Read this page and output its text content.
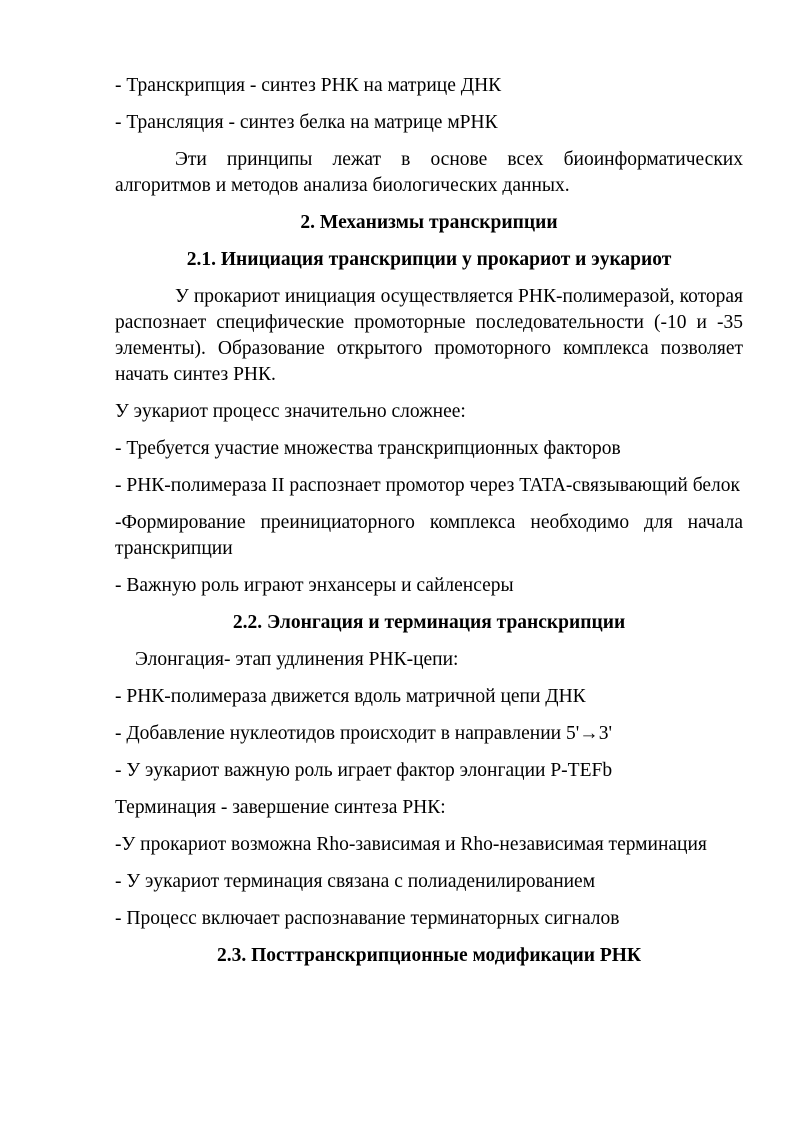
- Транскрипция - синтез РНК на матрице ДНК

- Трансляция - синтез белка на матрице мРНК

Эти принципы лежат в основе всех биоинформатических алгоритмов и методов анализа биологических данных.

2. Механизмы транскрипции

2.1. Инициация транскрипции у прокариот и эукариот

У прокариот инициация осуществляется РНК-полимеразой, которая распознает специфические промоторные последовательности (-10 и -35 элементы). Образование открытого промоторного комплекса позволяет начать синтез РНК.

У эукариот процесс значительно сложнее:

- Требуется участие множества транскрипционных факторов

- РНК-полимераза II распознает промотор через TATA-связывающий белок

-Формирование преинициаторного комплекса необходимо для начала транскрипции

- Важную роль играют энхансеры и сайленсеры

2.2. Элонгация и терминация транскрипции

Элонгация- этап удлинения РНК-цепи:

- РНК-полимераза движется вдоль матричной цепи ДНК

- Добавление нуклеотидов происходит в направлении 5'→3'

- У эукариот важную роль играет фактор элонгации P-TEFb

Терминация - завершение синтеза РНК:

-У прокариот возможна Rho-зависимая и Rho-независимая терминация

- У эукариот терминация связана с полиаденилированием

- Процесс включает распознавание терминаторных сигналов

2.3. Посттранскрипционные модификации РНК
